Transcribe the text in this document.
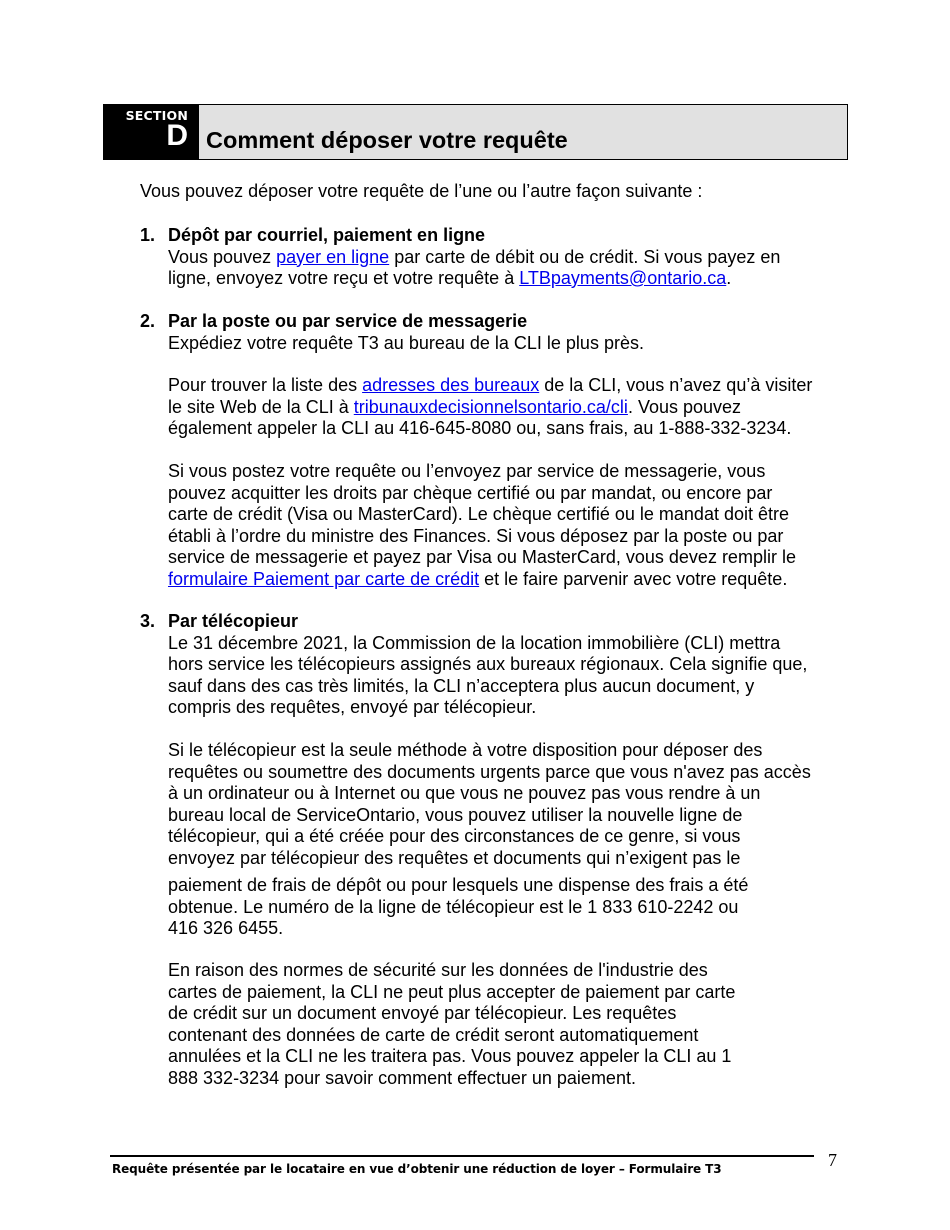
SECTION
D Comment déposer votre requête
Vous pouvez déposer votre requête de l’une ou l’autre façon suivante :
1. Dépôt par courriel, paiement en ligne

Vous pouvez payer en ligne par carte de débit ou de crédit. Si vous payez en

ligne, envoyez votre reçu et votre requête à LTBpayments@ontario.ca.

2. Par la poste ou par service de messagerie

Expédiez votre requête T3 au bureau de la CLI le plus près.

Pour trouver la liste des adresses des bureaux de la CLI, vous n’avez qu’à visiter

le site Web de la CLI à tribunauxdecisionnelsontario.ca/cli. Vous pouvez

également appeler la CLI au 416-645-8080 ou, sans frais, au 1-888-332-3234.

Si vous postez votre requête ou l’envoyez par service de messagerie, vous

pouvez acquitter les droits par chèque certifié ou par mandat, ou encore par

carte de crédit (Visa ou MasterCard). Le chèque certifié ou le mandat doit être

établi à l’ordre du ministre des Finances. Si vous déposez par la poste ou par

service de messagerie et payez par Visa ou MasterCard, vous devez remplir le

formulaire Paiement par carte de crédit et le faire parvenir avec votre requête.

3. Par télécopieur

Le 31 décembre 2021, la Commission de la location immobilière (CLI) mettra

hors service les télécopieurs assignés aux bureaux régionaux. Cela signifie que,

sauf dans des cas très limités, la CLI n’acceptera plus aucun document, y

compris des requêtes, envoyé par télécopieur.

Si le télécopieur est la seule méthode à votre disposition pour déposer des

requêtes ou soumettre des documents urgents parce que vous n'avez pas accès

à un ordinateur ou à Internet ou que vous ne pouvez pas vous rendre à un

bureau local de ServiceOntario, vous pouvez utiliser la nouvelle ligne de

télécopieur, qui a été créée pour des circonstances de ce genre, si vous

envoyez par télécopieur des requêtes et documents qui n’exigent pas le

paiement de frais de dépôt ou pour lesquels une dispense des frais a été

obtenue. Le numéro de la ligne de télécopieur est le 1 833 610-2242 ou

416 326 6455.

En raison des normes de sécurité sur les données de l'industrie des

cartes de paiement, la CLI ne peut plus accepter de paiement par carte

de crédit sur un document envoyé par télécopieur. Les requêtes

contenant des données de carte de crédit seront automatiquement

annulées et la CLI ne les traitera pas. Vous pouvez appeler la CLI au 1

888 332-3234 pour savoir comment effectuer un paiement.

Requête présentée par le locataire en vue d’obtenir une réduction de loyer – Formulaire T3	7
